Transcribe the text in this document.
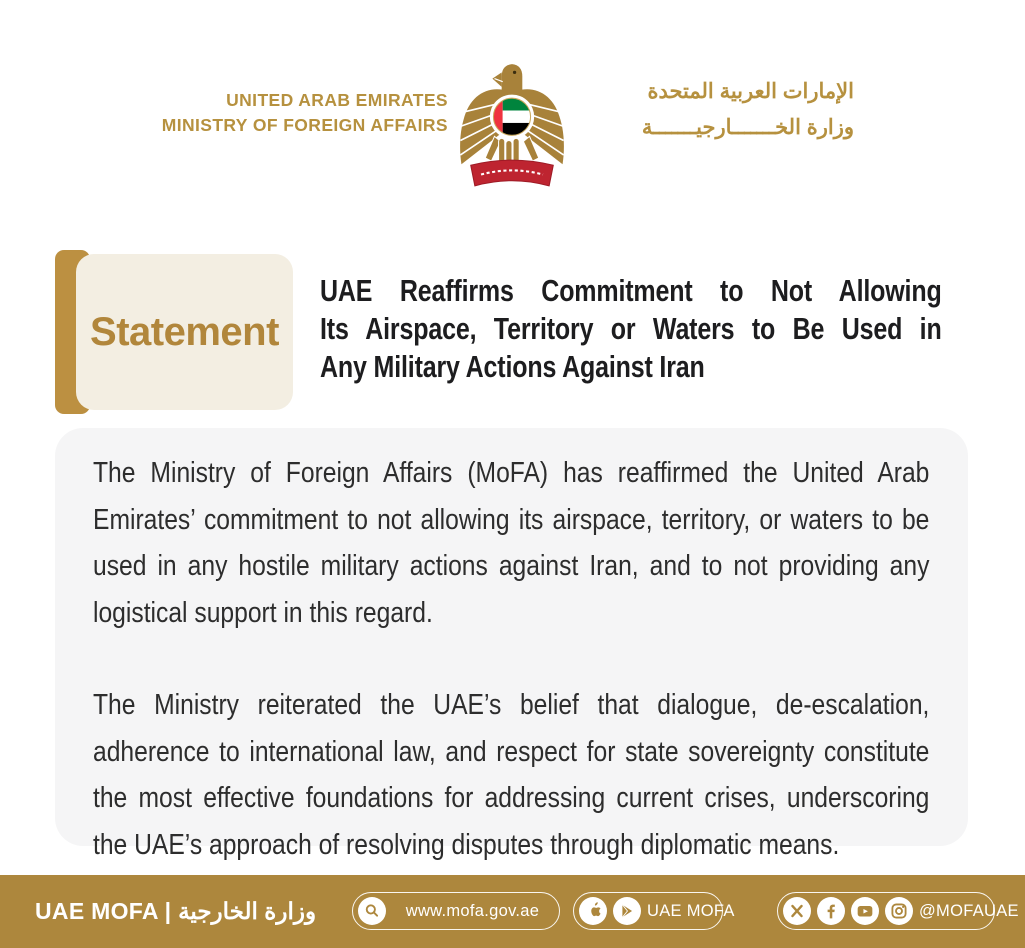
UNITED ARAB EMIRATES
MINISTRY OF FOREIGN AFFAIRS
الإمارات العربية المتحدة
وزارة الخـــــــارجيـــــــة
Statement
UAE Reaffirms Commitment to Not Allowing
Its Airspace, Territory or Waters to Be Used in
Any Military Actions Against Iran

The Ministry of Foreign Affairs (MoFA) has reaffirmed the United Arab Emirates’ commitment to not allowing its airspace, territory, or waters to be used in any hostile military actions against Iran, and to not providing any logistical support in this regard.

The Ministry reiterated the UAE’s belief that dialogue, de-escalation, adherence to international law, and respect for state sovereignty constitute the most effective foundations for addressing current crises, underscoring the UAE’s approach of resolving disputes through diplomatic means.

UAE MOFA | وزارة الخارجية	www.mofa.gov.ae	UAE MOFA	@MOFAUAE
